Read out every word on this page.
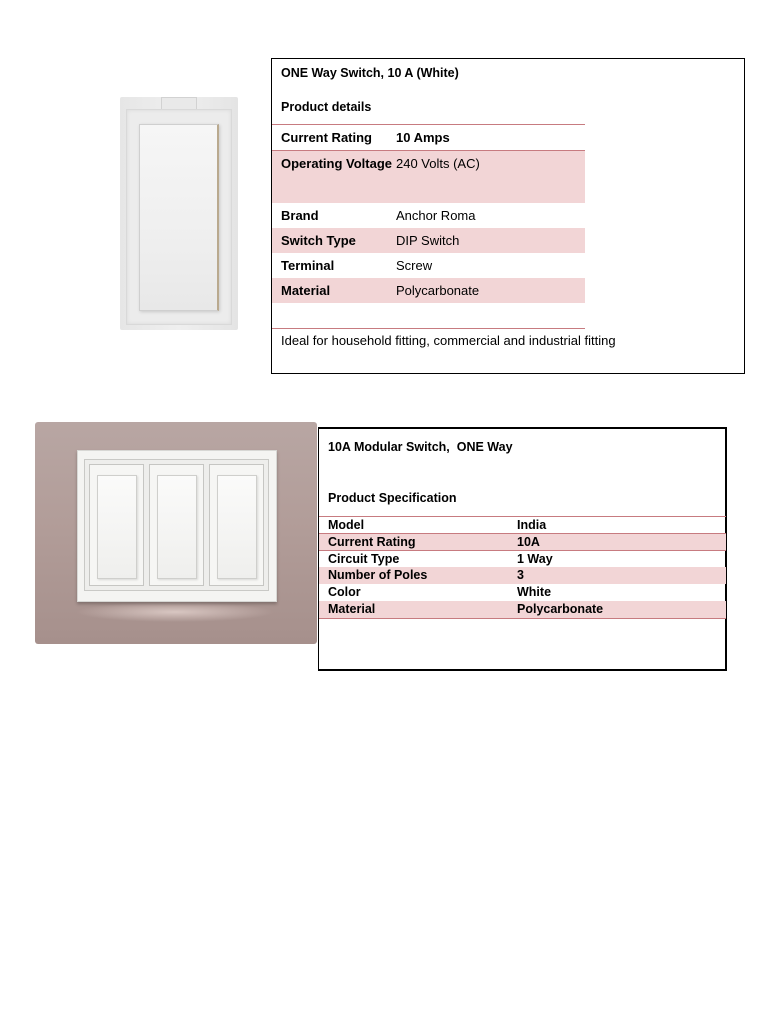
ONE Way Switch, 10 A (White)
Product details
Current Rating	10 Amps
Operating Voltage 240 Volts (AC)
Brand	Anchor Roma
Switch Type	DIP Switch
Terminal	Screw
Material	Polycarbonate
Ideal for household fitting, commercial and industrial fitting
10A Modular Switch,  ONE Way
Product Specification
Model	India
Current Rating	10A
Circuit Type	1 Way
Number of Poles	3
Color	White
Material	Polycarbonate
